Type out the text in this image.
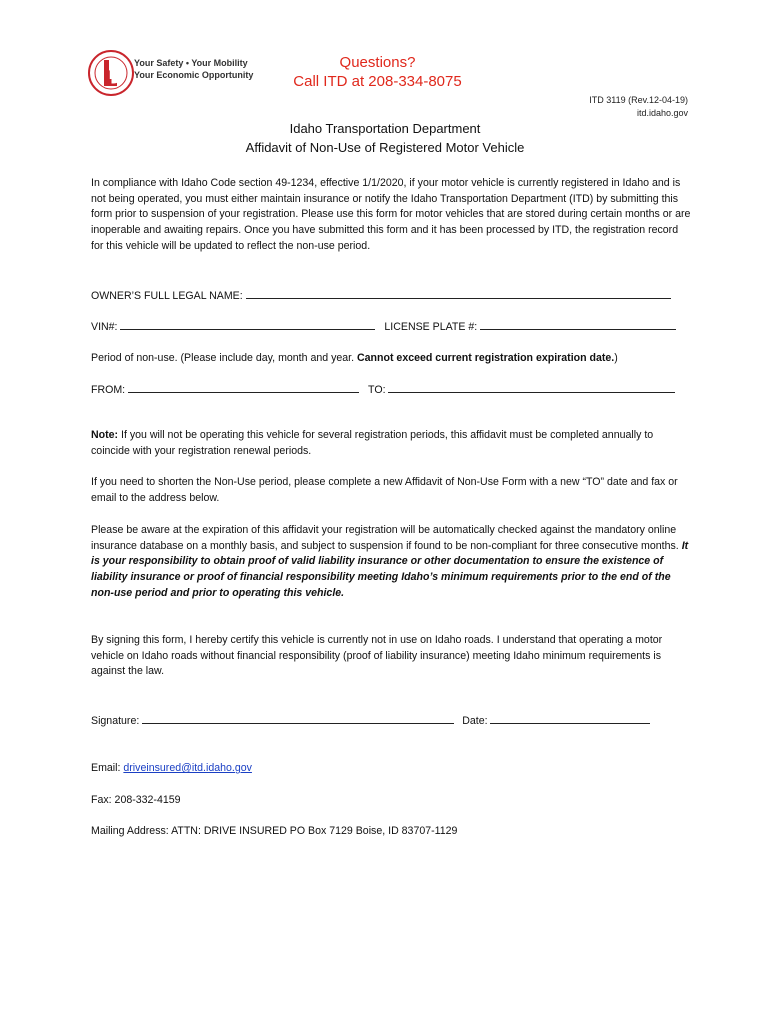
D
Your Safety • Your Mobility
Your Economic Opportunity
Questions?
Call ITD at 208-334-8075
ITD 3119 (Rev.12-04-19)
itd.idaho.gov
Idaho Transportation Department
Affidavit of Non-Use of Registered Motor Vehicle
In compliance with Idaho Code section 49-1234, effective 1/1/2020, if your motor vehicle is currently registered in Idaho and is not being operated, you must either maintain insurance or notify the Idaho Transportation Department (ITD) by submitting this form prior to suspension of your registration. Please use this form for motor vehicles that are stored during certain months or are inoperable and awaiting repairs. Once you have submitted this form and it has been processed by ITD, the registration record for this vehicle will be updated to reflect the non-use period.
OWNER’S FULL LEGAL NAME:
VIN#:	LICENSE PLATE #:
Period of non-use. (Please include day, month and year. Cannot exceed current registration expiration date.)
FROM:	TO:
Note: If you will not be operating this vehicle for several registration periods, this affidavit must be completed annually to coincide with your registration renewal periods.
If you need to shorten the Non-Use period, please complete a new Affidavit of Non-Use Form with a new “TO” date and fax or email to the address below.
Please be aware at the expiration of this affidavit your registration will be automatically checked against the mandatory online insurance database on a monthly basis, and subject to suspension if found to be non-compliant for three consecutive months. It is your responsibility to obtain proof of valid liability insurance or other documentation to ensure the existence of liability insurance or proof of financial responsibility meeting Idaho’s minimum requirements prior to the end of the non-use period and prior to operating this vehicle.
By signing this form, I hereby certify this vehicle is currently not in use on Idaho roads. I understand that operating a motor vehicle on Idaho roads without financial responsibility (proof of liability insurance) meeting Idaho minimum requirements is against the law.
Signature:	Date:
Email: driveinsured@itd.idaho.gov
Fax: 208-332-4159
Mailing Address: ATTN: DRIVE INSURED PO Box 7129 Boise, ID 83707-1129
